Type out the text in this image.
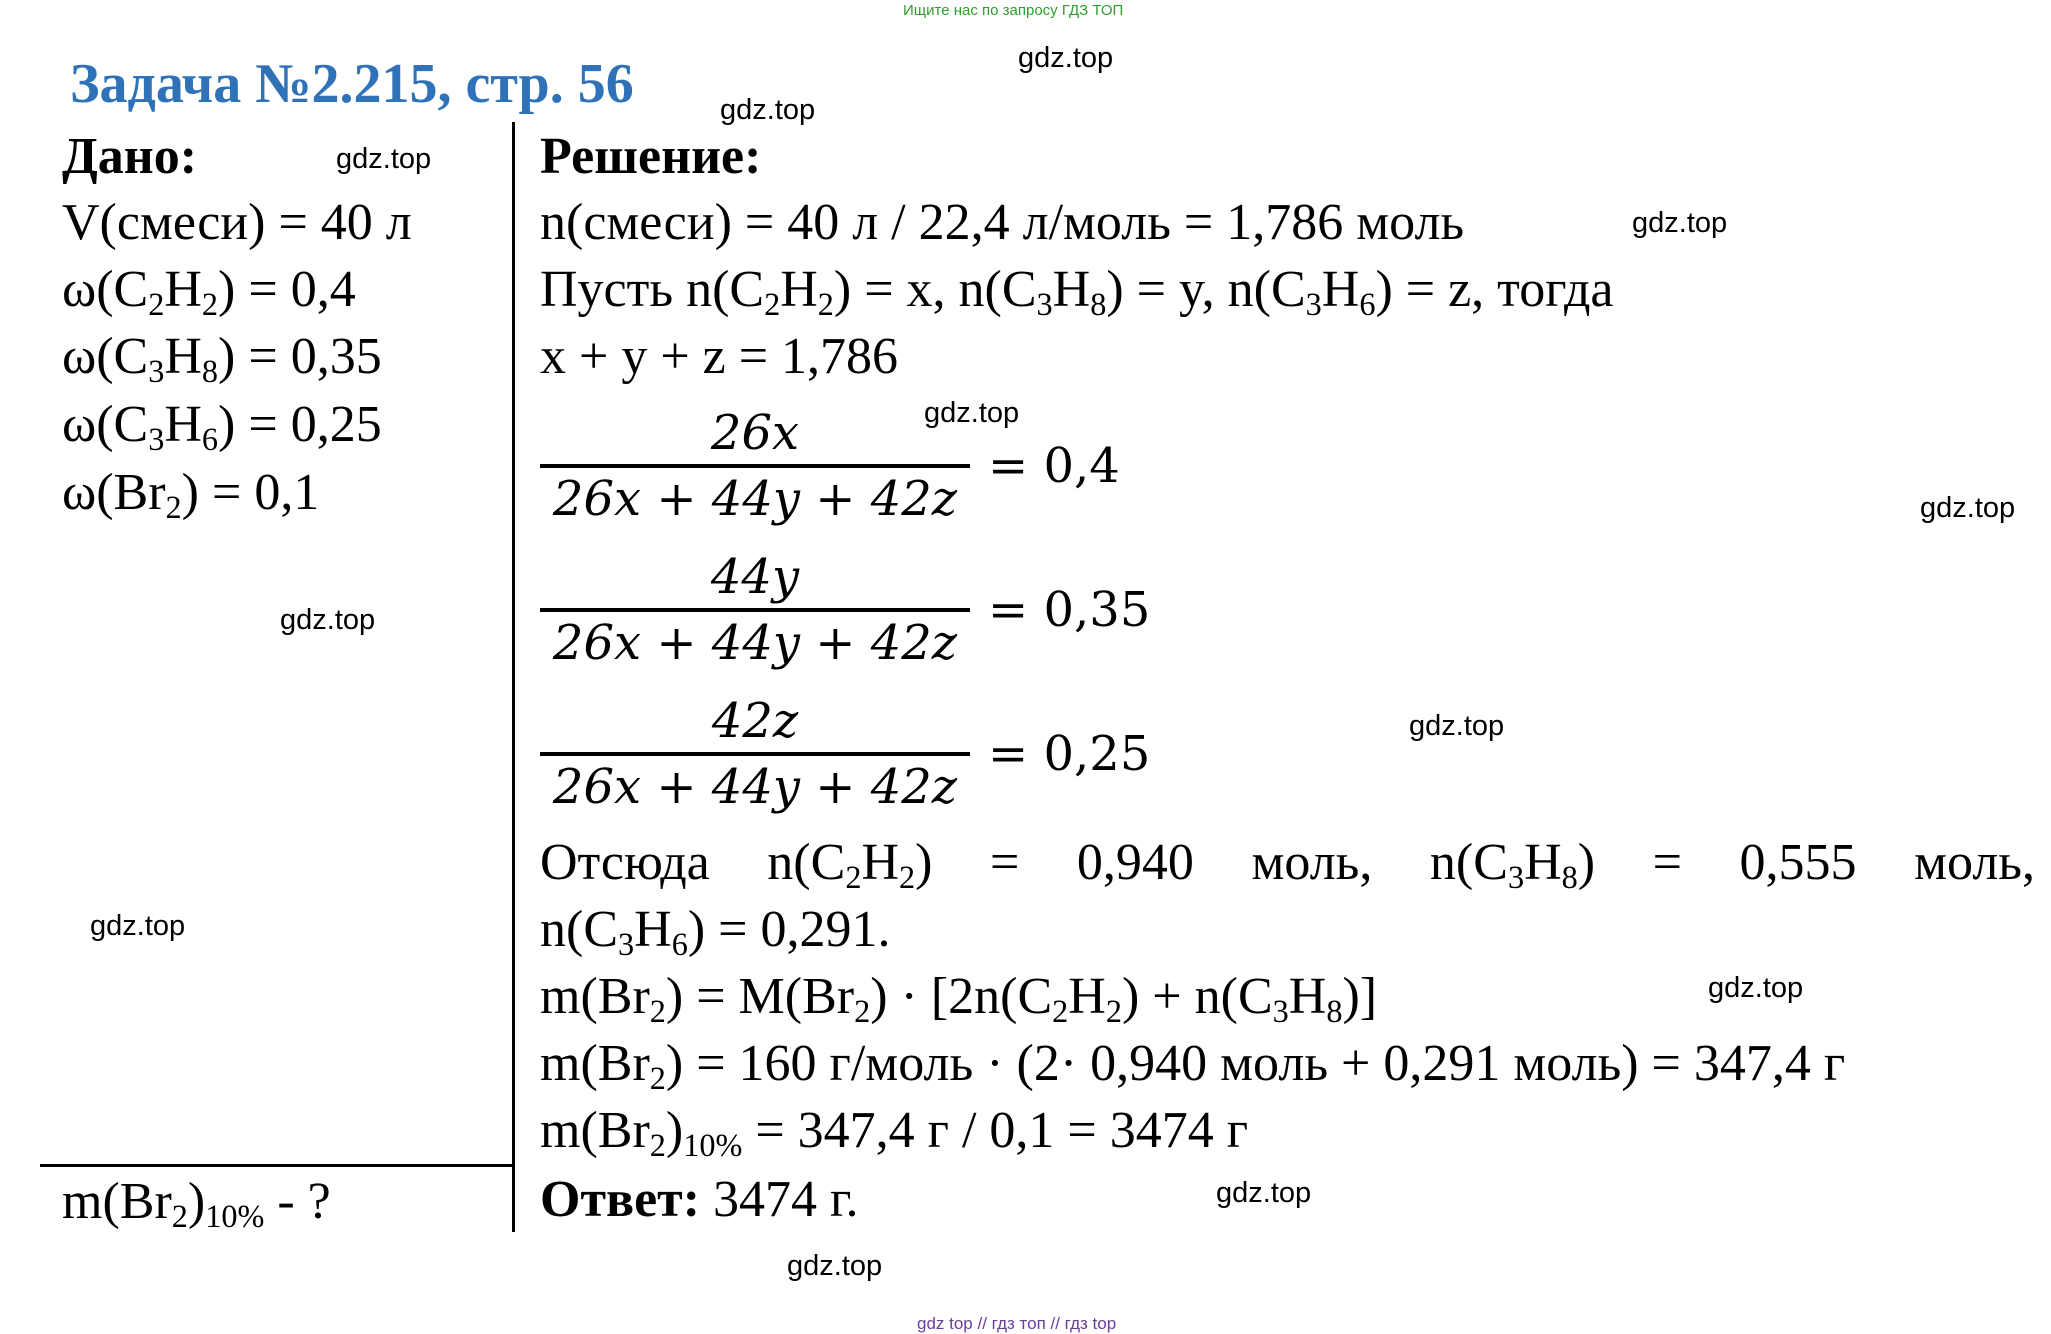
Ищите нас по запросу ГДЗ ТОП
gdz.top
gdz.top
gdz.top
gdz.top
gdz.top
gdz.top
gdz.top
gdz.top
gdz.top
gdz.top
gdz.top
gdz.top
gdz top // гдз топ // гдз top
Задача №2.215, стр. 56
Дано:
V(смеси) = 40 л
$\omega(C_2H_2) = 0,4$
$\omega(C_3H_8) = 0,35$
$\omega(C_3H_6) = 0,25$
$\omega(Br_2) = 0,1$
$m(Br_2)_{10\%}$ - ?
Решение:
n(смеси) = 40 л / 22,4 л/моль = 1,786 моль
Пусть $n(C_2H_2) = x$, $n(C_3H_8) = y$, $n(C_3H_6) = z$, тогда
x + y + z = 1,786
$\frac{26x}{26x + 44y + 42z} = 0,4$
$\frac{44y}{26x + 44y + 42z} = 0,35$
$\frac{42z}{26x + 44y + 42z} = 0,25$
Отсюда $n(C_2H_2) = 0,940$ моль, $n(C_3H_8) = 0,555$ моль,
$n(C_3H_6) = 0,291$.
$m(Br_2) = M(Br_2) \cdot [2n(C_2H_2) + n(C_3H_8)]$
$m(Br_2) = 160$ г/моль · (2· 0,940 моль + 0,291 моль) = 347,4 г
$m(Br_2)_{10\%} = 347,4$ г / 0,1 = 3474 г
Ответ: 3474 г.
